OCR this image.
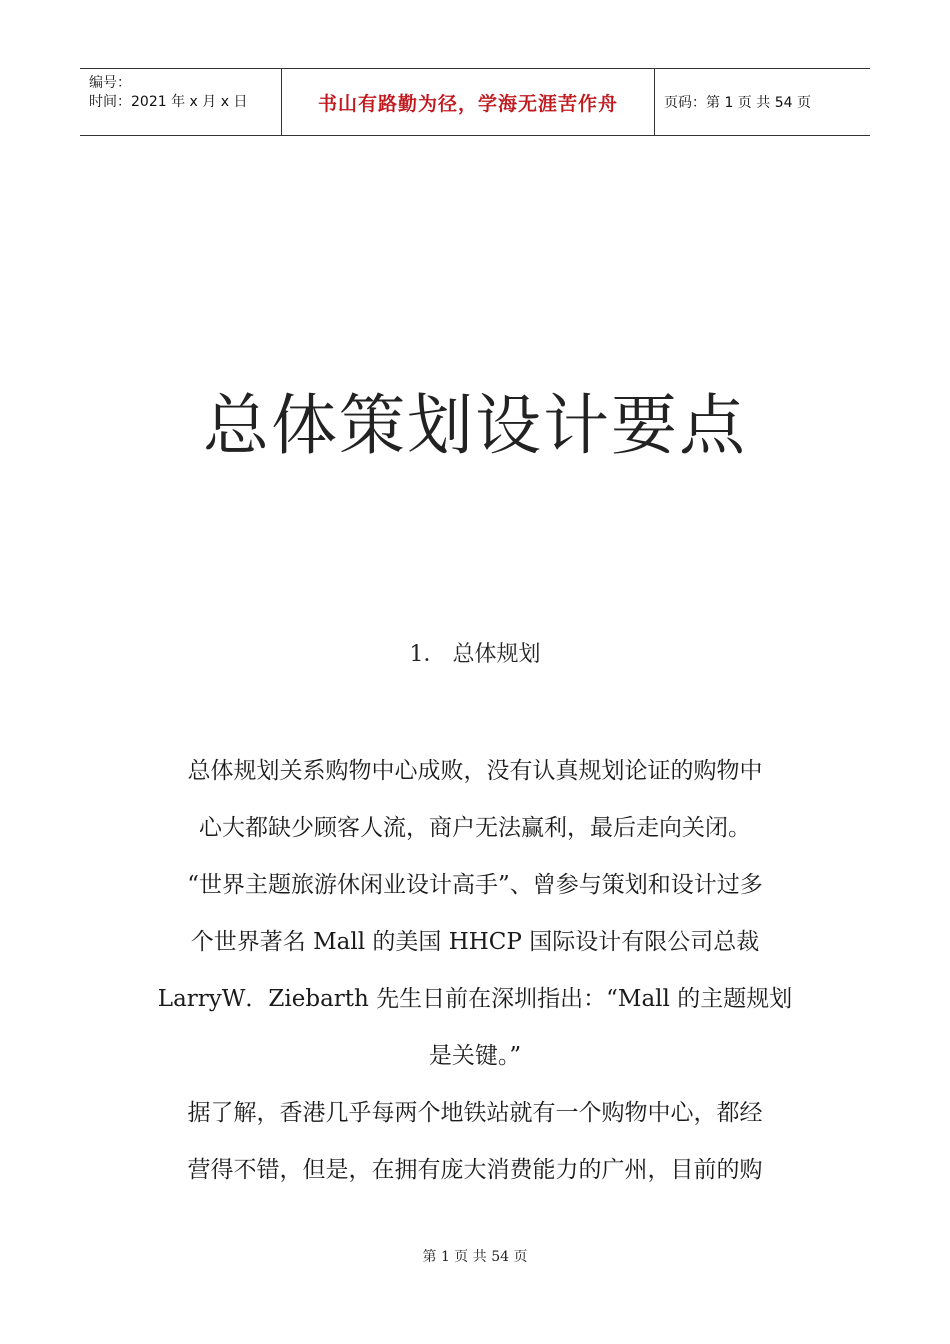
编号：
时间：2021 年 x 月 x 日	书山有路勤为径，学海无涯苦作舟	页码：第 1 页 共 54 页
总体策划设计要点
1． 总体规划
总体规划关系购物中心成败，没有认真规划论证的购物中
心大都缺少顾客人流，商户无法赢利，最后走向关闭。
“世界主题旅游休闲业设计高手”、曾参与策划和设计过多
个世界著名 Mall 的美国 HHCP 国际设计有限公司总裁
LarryW．Ziebarth 先生日前在深圳指出：“Mall 的主题规划
是关键。”
据了解，香港几乎每两个地铁站就有一个购物中心，都经
营得不错，但是，在拥有庞大消费能力的广州，目前的购
第 1 页 共 54 页
